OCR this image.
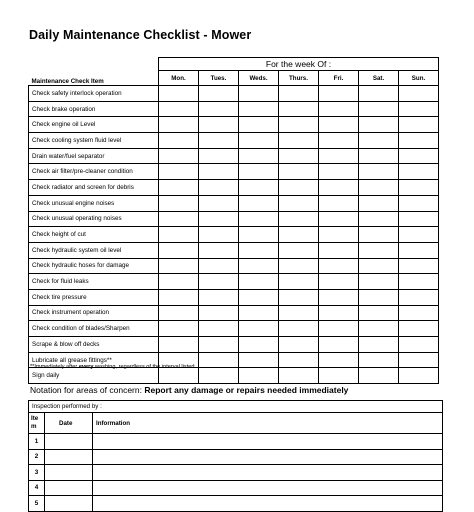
Daily Maintenance Checklist - Mower
Maintenance Check Item	For the week Of :						
	Mon.	Tues.	Weds.	Thurs.	Fri.	Sat.	Sun.
Check safety interlock operation							
Check brake operation							
Check engine oil Level							
Check cooling system fluid level							
Drain water/fuel separator							
Check air filter/pre-cleaner condition							
Check radiator and screen for debris							
Check unusual engine noises							
Check unusual operating noises							
Check height of cut							
Check hydraulic system oil level							
Check hydraulic hoses for damage							
Check for fluid leaks							
Check tire pressure							
Check instrument operation							
Check condition of blades/Sharpen							
Scrape & blow off decks							
Lubricate all grease fittings**							
Sign daily							
**Immediately after every washing, regardless of the interval listed
Notation for areas of concern: Report any damage or repairs needed immediately
Inspection performed by :		
Ite m	Date	Information
1		
2		
3		
4		
5		
